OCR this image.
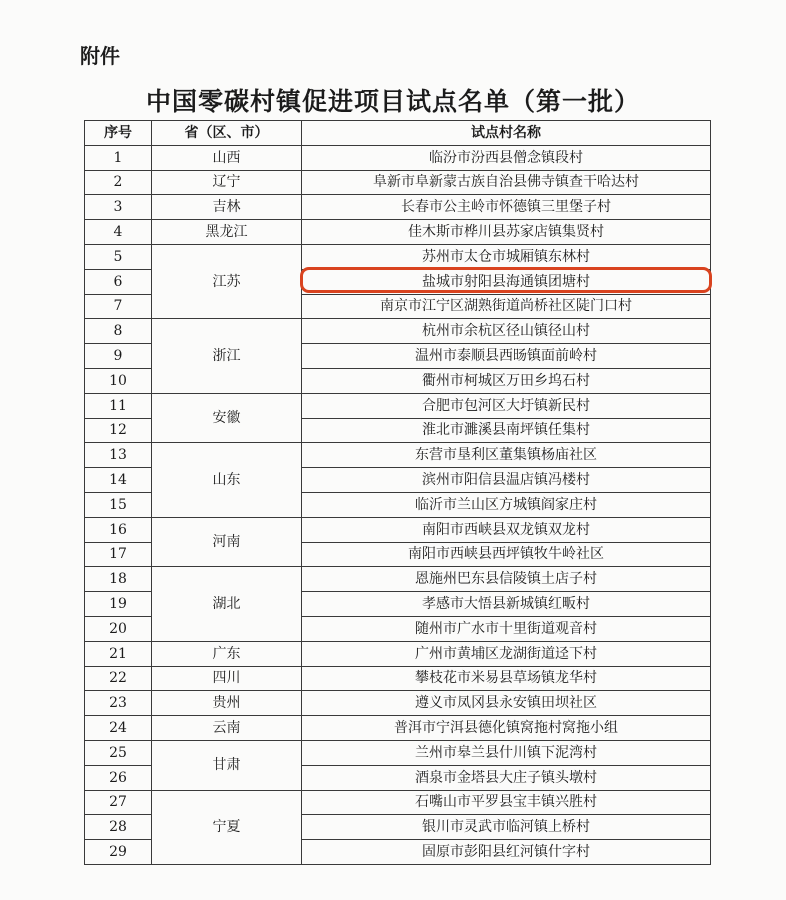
附件
中国零碳村镇促进项目试点名单（第一批）
序号	省（区、市）	试点村名称
1	山西	临汾市汾西县僧念镇段村
2	辽宁	阜新市阜新蒙古族自治县佛寺镇查干哈达村
3	吉林	长春市公主岭市怀德镇三里堡子村
4	黑龙江	佳木斯市桦川县苏家店镇集贤村
5	江苏	苏州市太仓市城厢镇东林村
6		盐城市射阳县海通镇团塘村
7		南京市江宁区湖熟街道尚桥社区陡门口村
8	浙江	杭州市余杭区径山镇径山村
9		温州市泰顺县西旸镇面前岭村
10		衢州市柯城区万田乡坞石村
11	安徽	合肥市包河区大圩镇新民村
12		淮北市濉溪县南坪镇任集村
13	山东	东营市垦利区董集镇杨庙社区
14		滨州市阳信县温店镇冯楼村
15		临沂市兰山区方城镇阎家庄村
16	河南	南阳市西峡县双龙镇双龙村
17		南阳市西峡县西坪镇牧牛岭社区
18	湖北	恩施州巴东县信陵镇土店子村
19		孝感市大悟县新城镇红畈村
20		随州市广水市十里街道观音村
21	广东	广州市黄埔区龙湖街道迳下村
22	四川	攀枝花市米易县草场镇龙华村
23	贵州	遵义市凤冈县永安镇田坝社区
24	云南	普洱市宁洱县德化镇窝拖村窝拖小组
25	甘肃	兰州市皋兰县什川镇下泥湾村
26		酒泉市金塔县大庄子镇头墩村
27	宁夏	石嘴山市平罗县宝丰镇兴胜村
28		银川市灵武市临河镇上桥村
29		固原市彭阳县红河镇什字村
